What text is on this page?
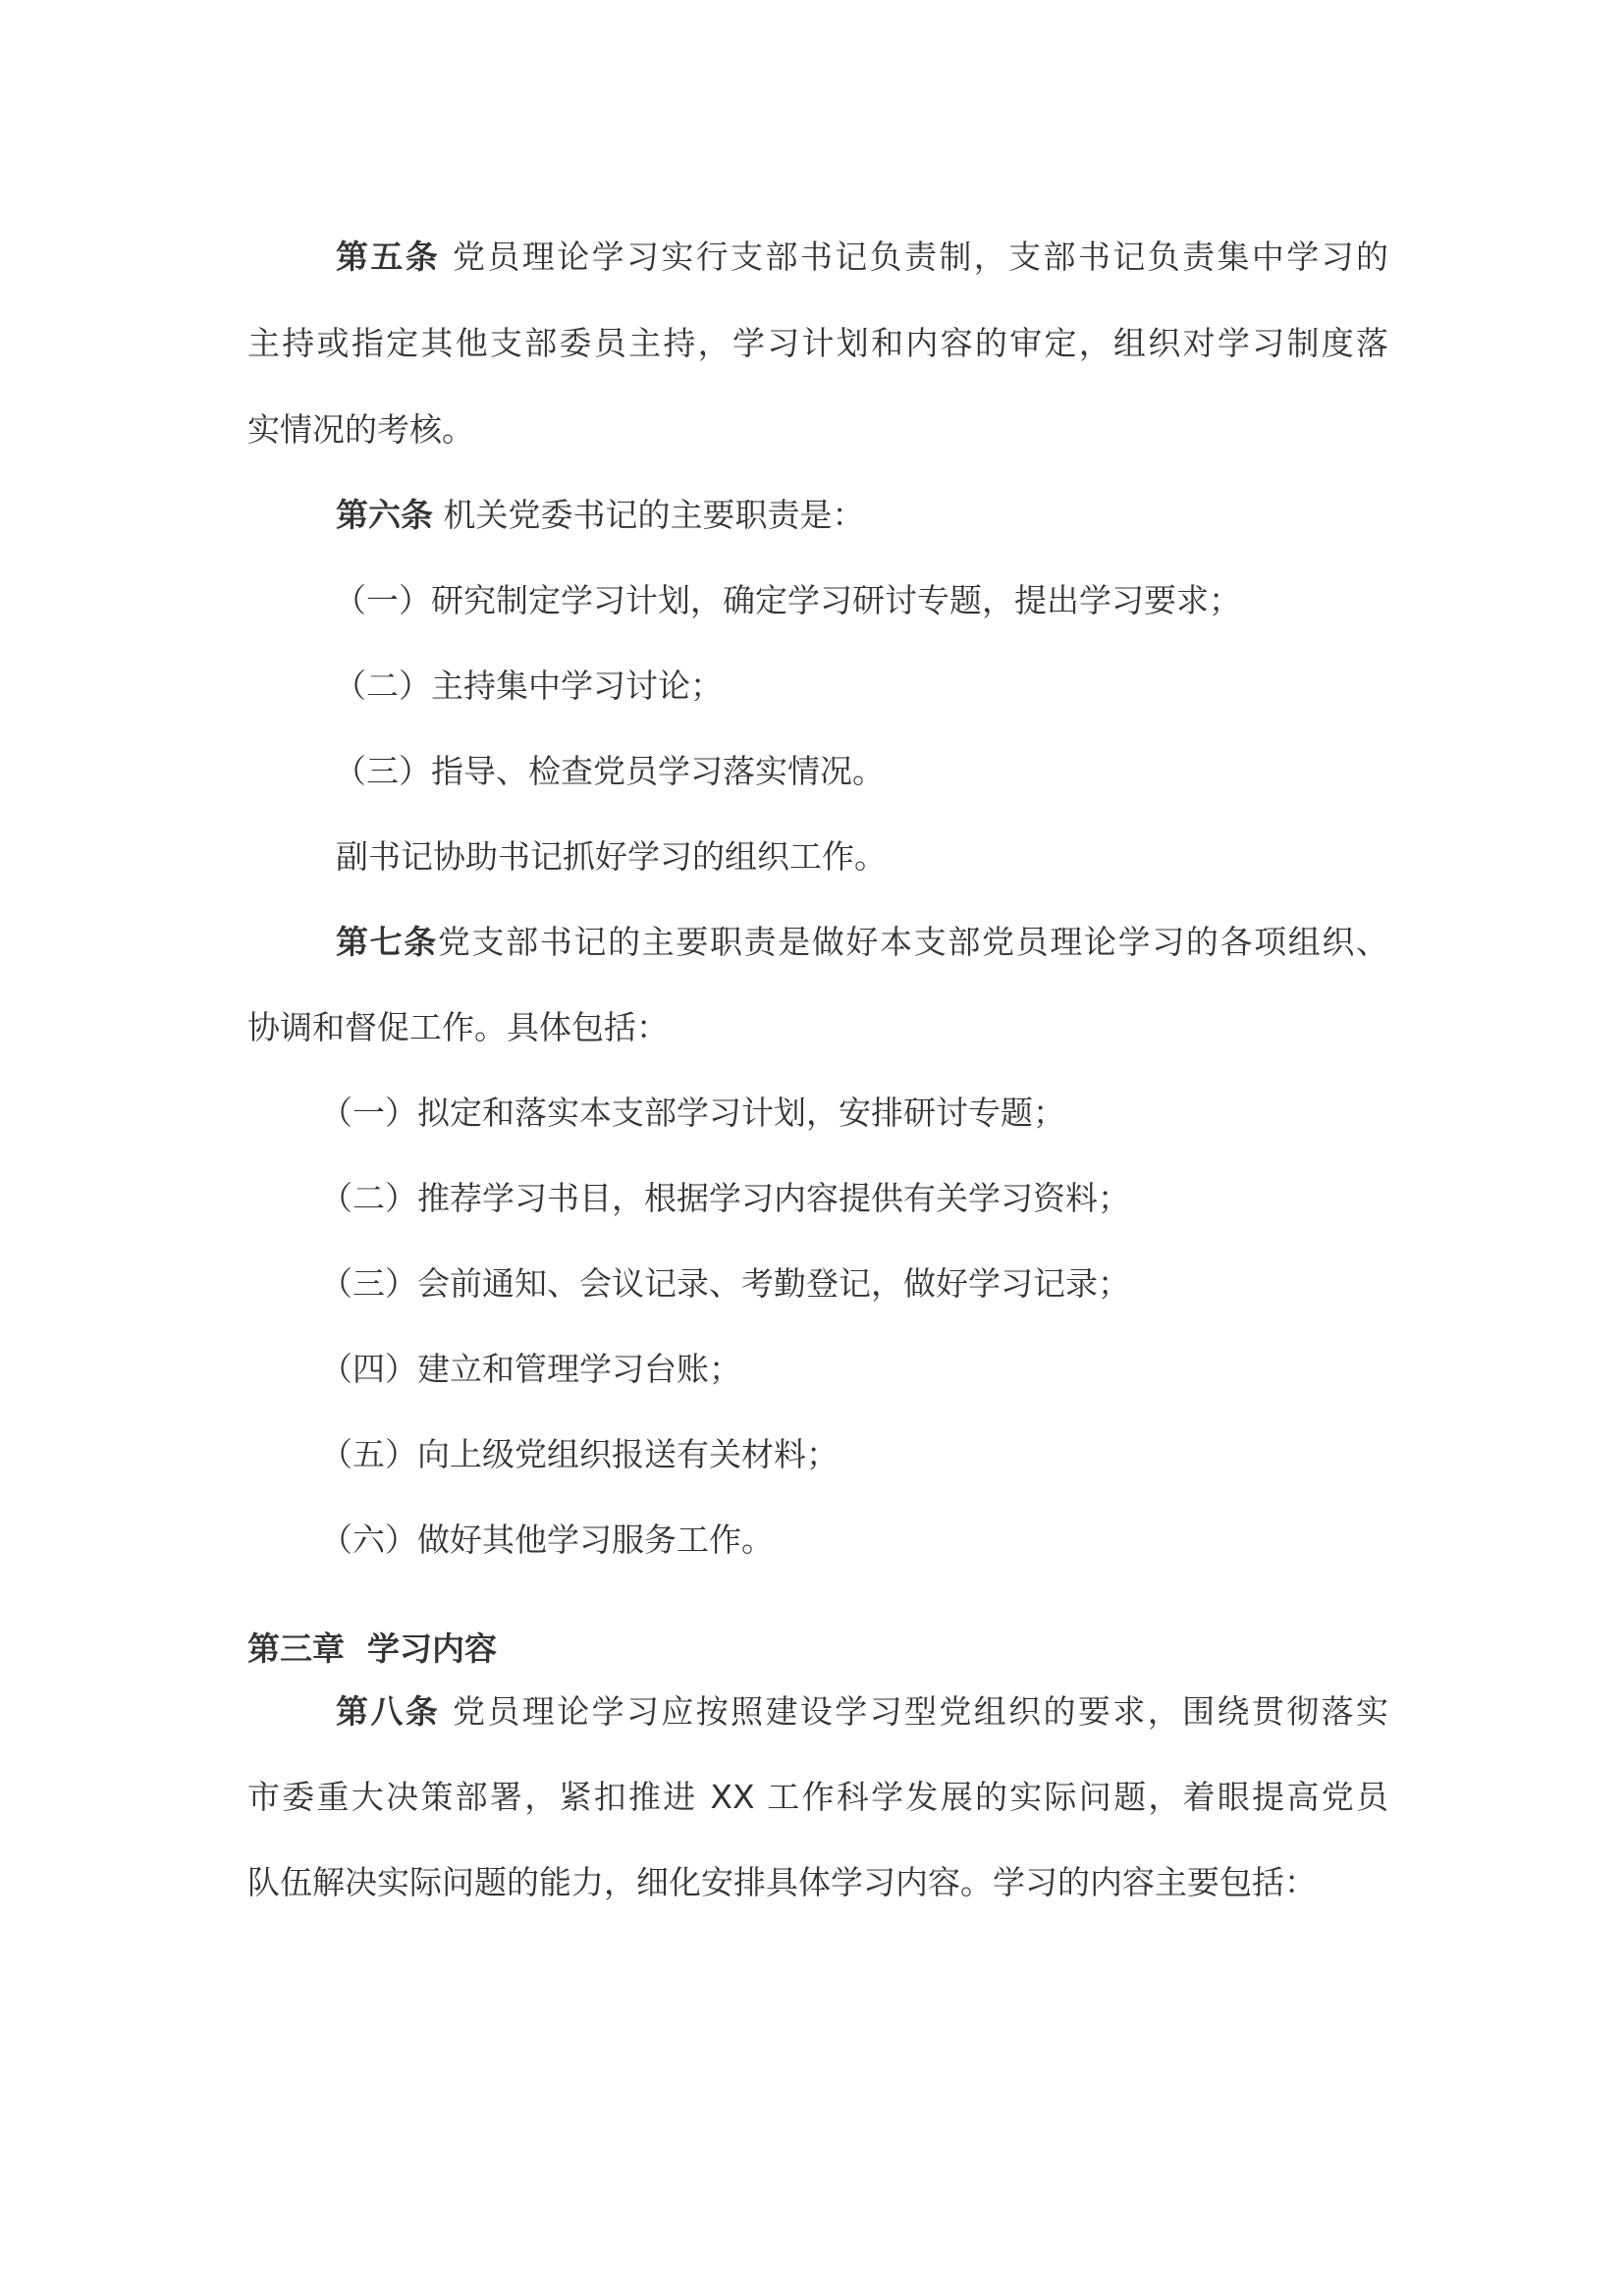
第五条 党员理论学习实行支部书记负责制，支部书记负责集中学习的
主持或指定其他支部委员主持，学习计划和内容的审定，组织对学习制度落
实情况的考核。
第六条 机关党委书记的主要职责是：
（一）研究制定学习计划，确定学习研讨专题，提出学习要求；
（二）主持集中学习讨论；
（三）指导、检查党员学习落实情况。
副书记协助书记抓好学习的组织工作。
第七条党支部书记的主要职责是做好本支部党员理论学习的各项组织、
协调和督促工作。具体包括：
（一）拟定和落实本支部学习计划，安排研讨专题；
（二）推荐学习书目，根据学习内容提供有关学习资料；
（三）会前通知、会议记录、考勤登记，做好学习记录；
（四）建立和管理学习台账；
（五）向上级党组织报送有关材料；
（六）做好其他学习服务工作。
第三章  学习内容
第八条 党员理论学习应按照建设学习型党组织的要求，围绕贯彻落实
市委重大决策部署，紧扣推进 XX 工作科学发展的实际问题，着眼提高党员
队伍解决实际问题的能力，细化安排具体学习内容。学习的内容主要包括：
